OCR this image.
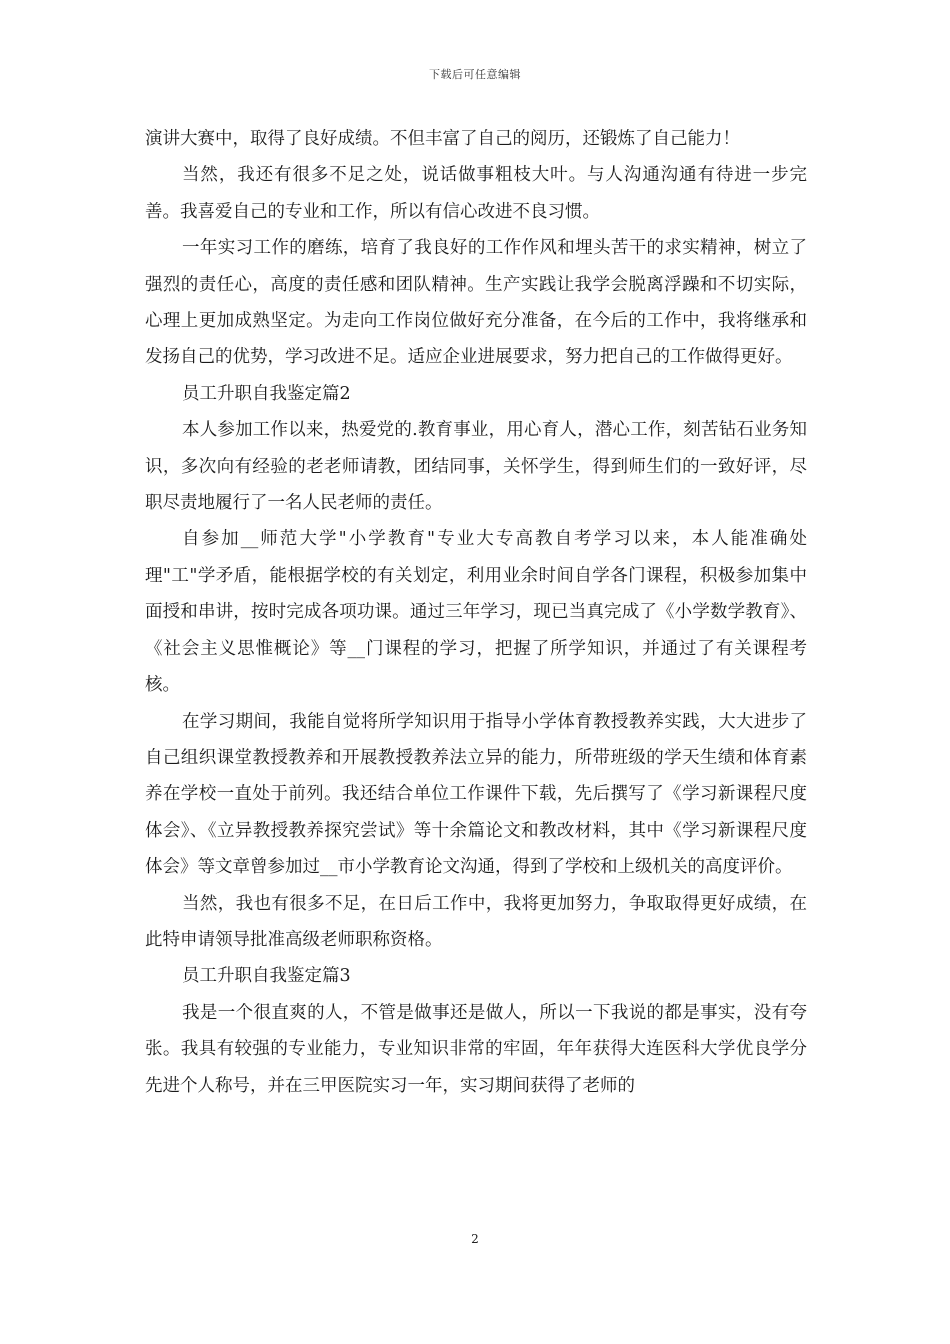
下载后可任意编辑

演讲大赛中，取得了良好成绩。不但丰富了自己的阅历，还锻炼了自己能力！

当然，我还有很多不足之处，说话做事粗枝大叶。与人沟通沟通有待进一步完善。我喜爱自己的专业和工作，所以有信心改进不良习惯。

一年实习工作的磨练，培育了我良好的工作作风和埋头苦干的求实精神，树立了强烈的责任心，高度的责任感和团队精神。生产实践让我学会脱离浮躁和不切实际，心理上更加成熟坚定。为走向工作岗位做好充分准备，在今后的工作中，我将继承和发扬自己的优势，学习改进不足。适应企业进展要求，努力把自己的工作做得更好。

员工升职自我鉴定篇2

本人参加工作以来，热爱党的.教育事业，用心育人，潜心工作，刻苦钻石业务知识，多次向有经验的老老师请教，团结同事，关怀学生，得到师生们的一致好评，尽职尽责地履行了一名人民老师的责任。

自参加__师范大学"小学教育"专业大专高教自考学习以来，本人能准确处理"工"学矛盾，能根据学校的有关划定，利用业余时间自学各门课程，积极参加集中面授和串讲，按时完成各项功课。通过三年学习，现已当真完成了《小学数学教育》、《社会主义思惟概论》等__门课程的学习，把握了所学知识，并通过了有关课程考核。

在学习期间，我能自觉将所学知识用于指导小学体育教授教养实践，大大进步了自己组织课堂教授教养和开展教授教养法立异的能力，所带班级的学天生绩和体育素养在学校一直处于前列。我还结合单位工作课件下载，先后撰写了《学习新课程尺度体会》、《立异教授教养探究尝试》等十余篇论文和教改材料，其中《学习新课程尺度体会》等文章曾参加过__市小学教育论文沟通，得到了学校和上级机关的高度评价。

当然，我也有很多不足，在日后工作中，我将更加努力，争取取得更好成绩，在此特申请领导批准高级老师职称资格。

员工升职自我鉴定篇3

我是一个很直爽的人，不管是做事还是做人，所以一下我说的都是事实，没有夸张。我具有较强的专业能力，专业知识非常的牢固，年年获得大连医科大学优良学分先进个人称号，并在三甲医院实习一年，实习期间获得了老师的

2
